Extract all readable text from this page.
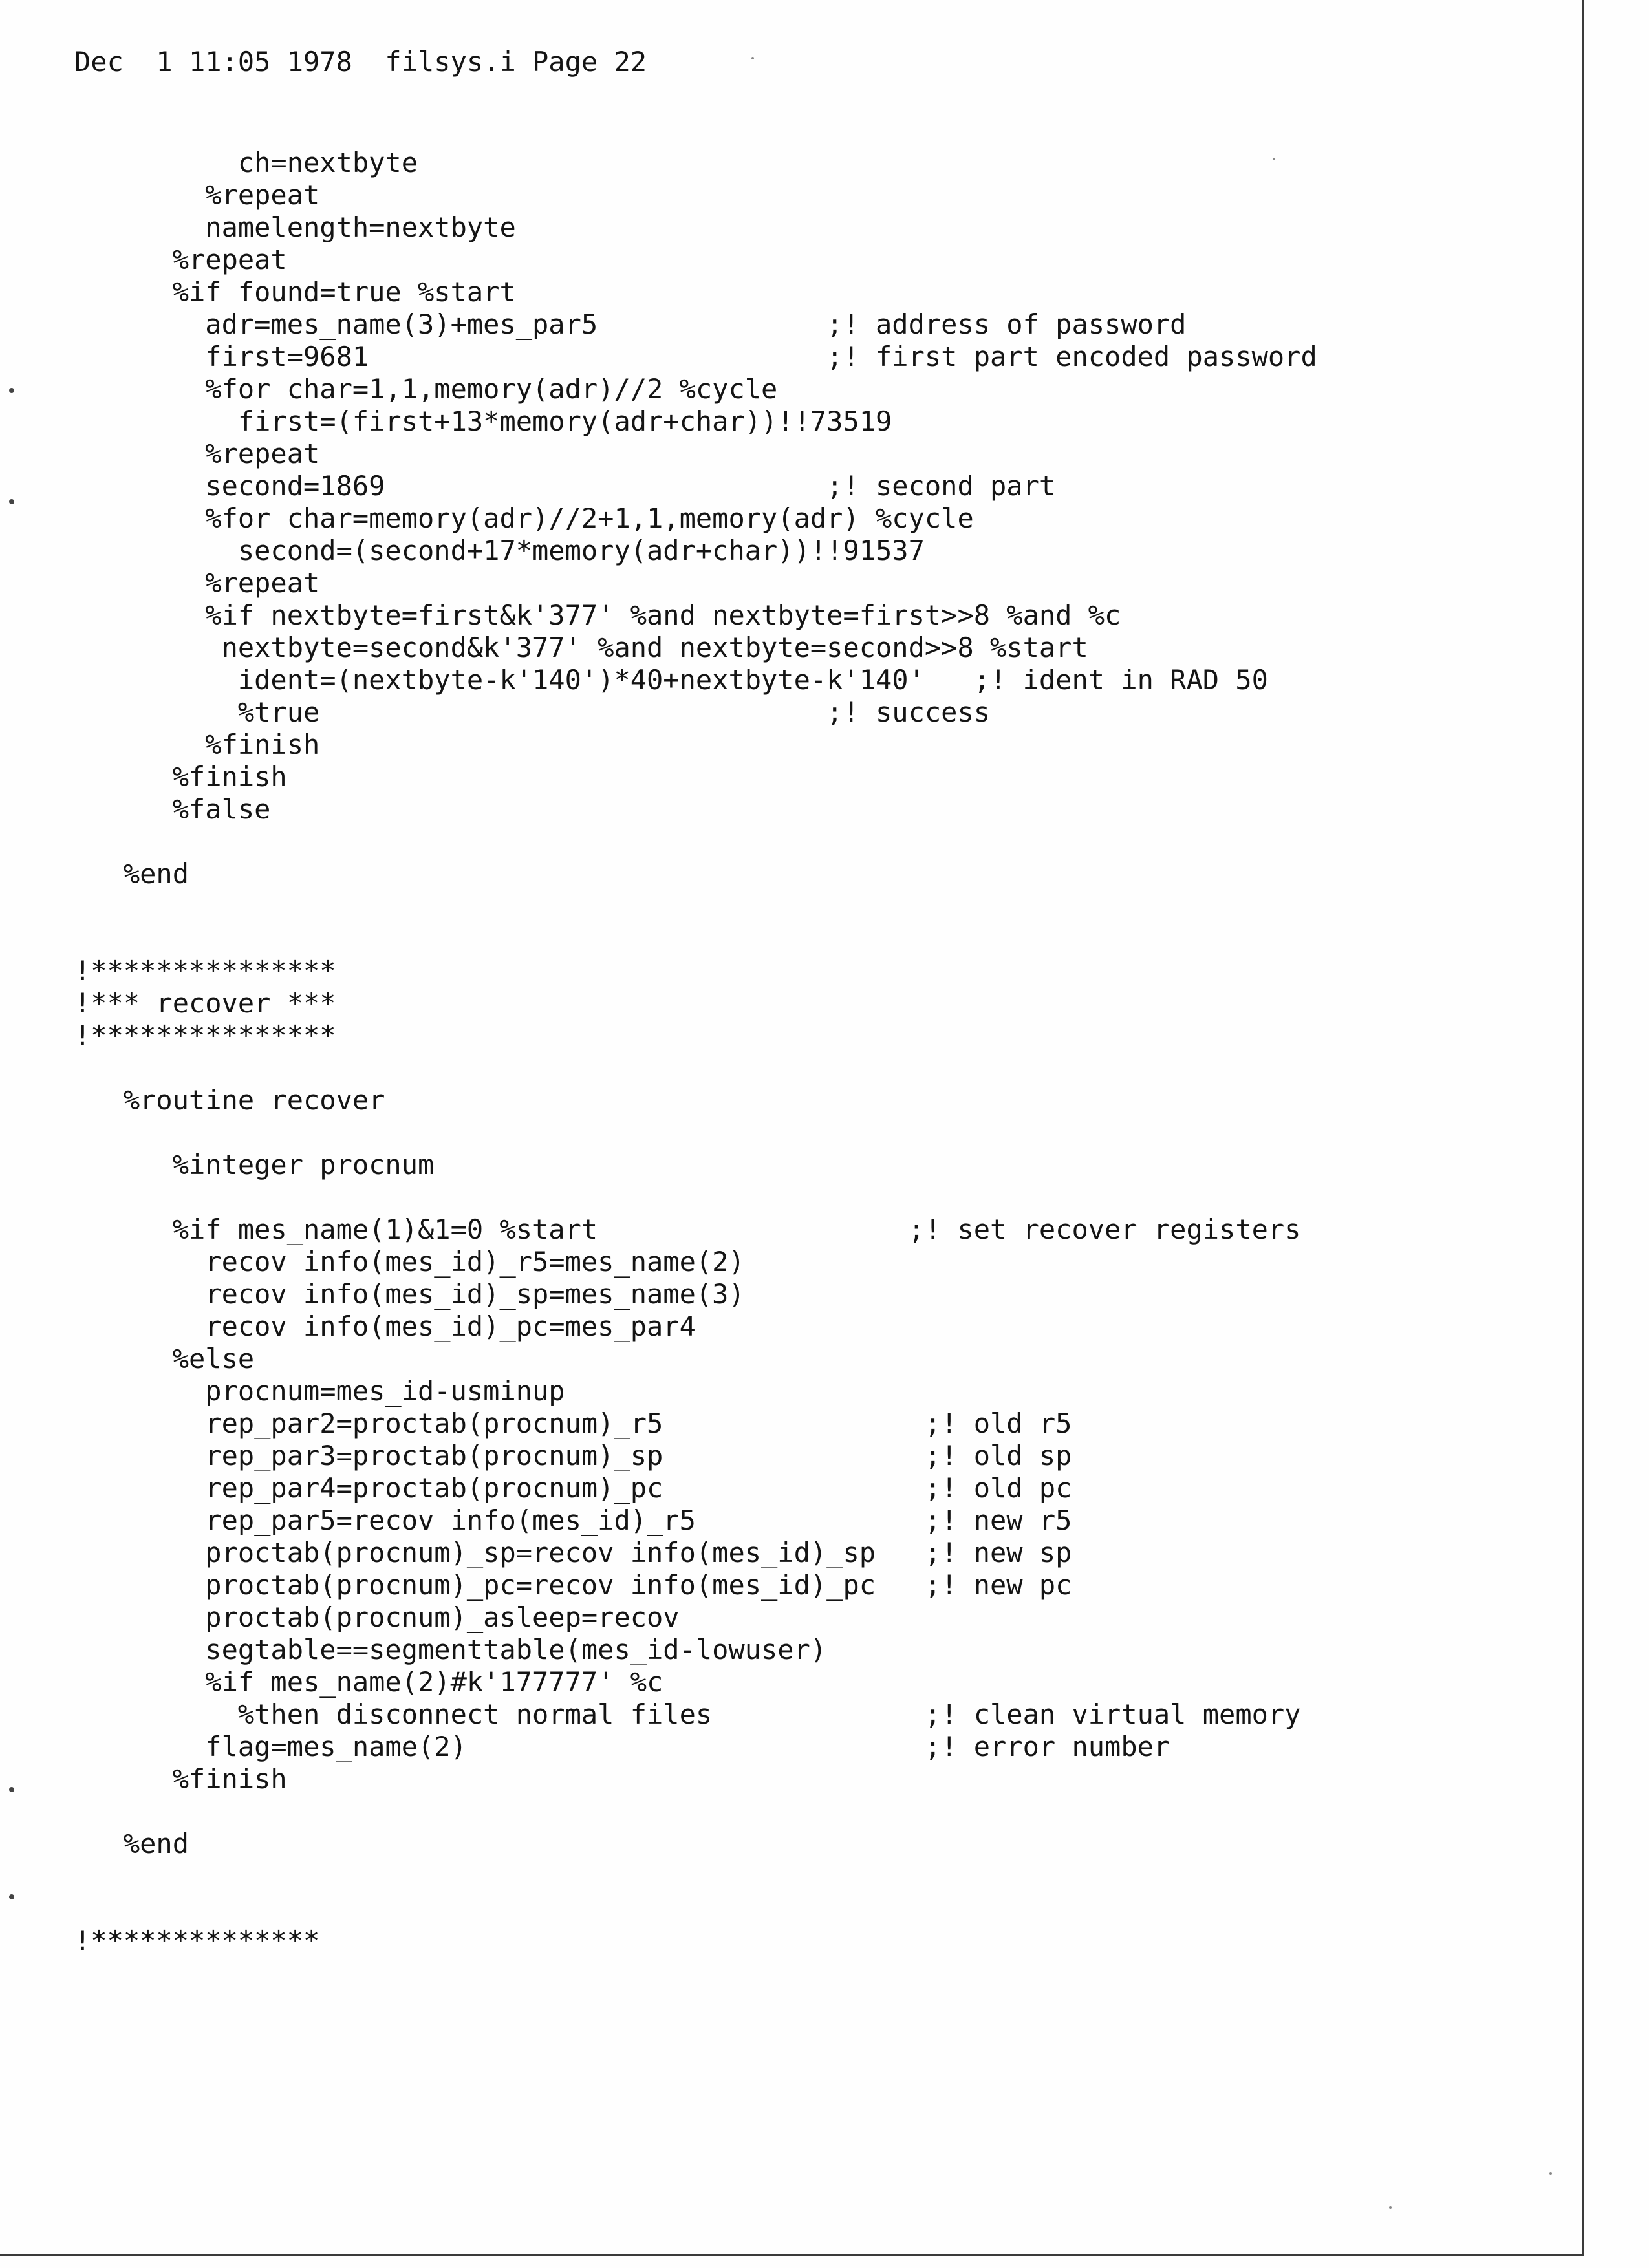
Dec  1 11:05 1978  filsys.i Page 22
ch=nextbyte
%repeat
namelength=nextbyte
%repeat
%if found=true %start
adr=mes_name(3)+mes_par5              ;! address of password
first=9681                            ;! first part encoded password
%for char=1,1,memory(adr)//2 %cycle
first=(first+13*memory(adr+char))!!73519
%repeat
second=1869                           ;! second part
%for char=memory(adr)//2+1,1,memory(adr) %cycle
second=(second+17*memory(adr+char))!!91537
%repeat
%if nextbyte=first&k'377' %and nextbyte=first>>8 %and %c
nextbyte=second&k'377' %and nextbyte=second>>8 %start
ident=(nextbyte-k'140')*40+nextbyte-k'140'   ;! ident in RAD 50
%true                               ;! success
%finish
%finish
%false
%end
!***************
!*** recover ***
!***************
%routine recover
%integer procnum
%if mes_name(1)&1=0 %start                   ;! set recover registers
recov info(mes_id)_r5=mes_name(2)
recov info(mes_id)_sp=mes_name(3)
recov info(mes_id)_pc=mes_par4
%else
procnum=mes_id-usminup
rep_par2=proctab(procnum)_r5                ;! old r5
rep_par3=proctab(procnum)_sp                ;! old sp
rep_par4=proctab(procnum)_pc                ;! old pc
rep_par5=recov info(mes_id)_r5              ;! new r5
proctab(procnum)_sp=recov info(mes_id)_sp   ;! new sp
proctab(procnum)_pc=recov info(mes_id)_pc   ;! new pc
proctab(procnum)_asleep=recov
segtable==segmenttable(mes_id-lowuser)
%if mes_name(2)#k'177777' %c
%then disconnect normal files             ;! clean virtual memory
flag=mes_name(2)                            ;! error number
%finish
%end
!**************
